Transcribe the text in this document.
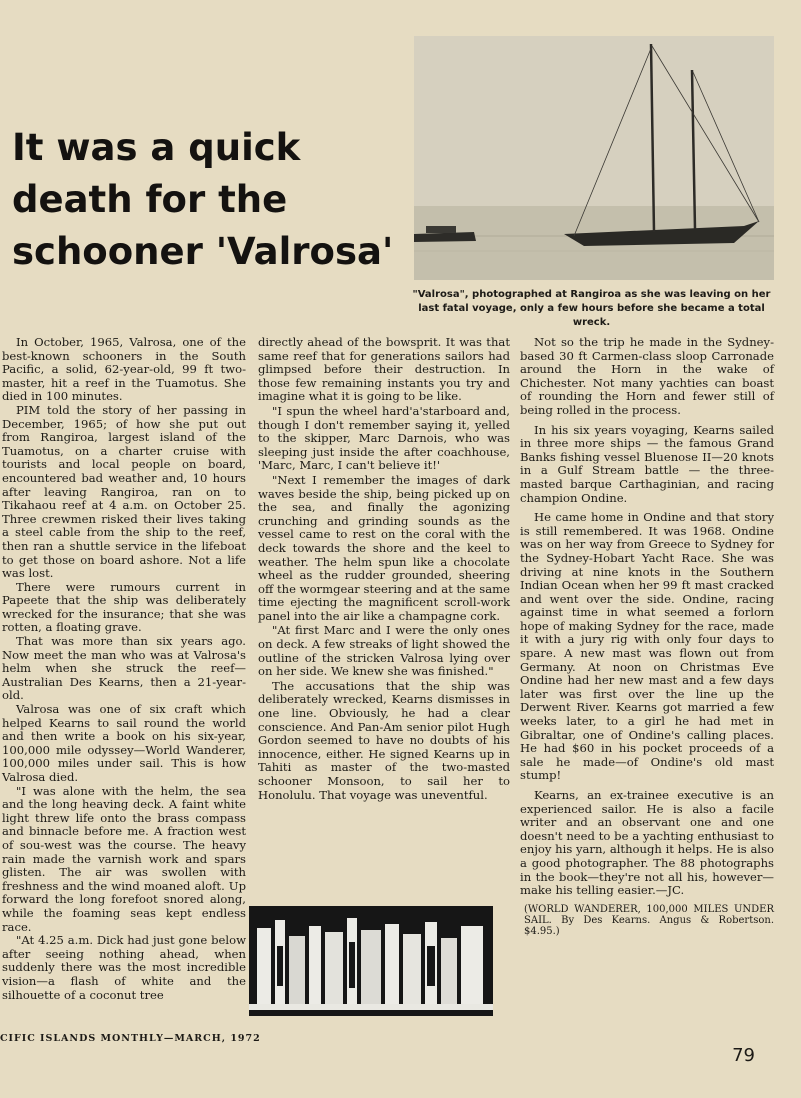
It was a quick
death for the
schooner 'Valrosa'
"Valrosa", photographed at Rangiroa as she was leaving on her last fatal voyage, only a few hours before she became a total wreck.

In October, 1965, Valrosa, one of the best-known schooners in the South Pacific, a solid, 62-year-old, 99 ft two-master, hit a reef in the Tuamotus. She died in 100 minutes.

PIM told the story of her passing in December, 1965; of how she put out from Rangiroa, largest island of the Tuamotus, on a charter cruise with tourists and local people on board, encountered bad weather and, 10 hours after leaving Rangiroa, ran on to Tikahaou reef at 4 a.m. on October 25. Three crewmen risked their lives taking a steel cable from the ship to the reef, then ran a shuttle service in the lifeboat to get those on board ashore. Not a life was lost.

There were rumours current in Papeete that the ship was deliberately wrecked for the insurance; that she was rotten, a floating grave.

That was more than six years ago. Now meet the man who was at Valrosa's helm when she struck the reef—Australian Des Kearns, then a 21-year-old.

Valrosa was one of six craft which helped Kearns to sail round the world and then write a book on his six-year, 100,000 mile odyssey—World Wanderer, 100,000 miles under sail. This is how Valrosa died.

"I was alone with the helm, the sea and the long heaving deck. A faint white light threw life onto the brass compass and binnacle before me. A fraction west of sou-west was the course. The heavy rain made the varnish work and spars glisten. The air was swollen with freshness and the wind moaned aloft. Up forward the long forefoot snored along, while the foaming seas kept endless race.

"At 4.25 a.m. Dick had just gone below after seeing nothing ahead, when suddenly there was the most incredible vision—a flash of white and the silhouette of a coconut tree

directly ahead of the bowsprit. It was that same reef that for generations sailors had glimpsed before their destruction. In those few remaining instants you try and imagine what it is going to be like.

"I spun the wheel hard'a'starboard and, though I don't remember saying it, yelled to the skipper, Marc Darnois, who was sleeping just inside the after coachhouse, 'Marc, Marc, I can't believe it!'

"Next I remember the images of dark waves beside the ship, being picked up on the sea, and finally the agonizing crunching and grinding sounds as the vessel came to rest on the coral with the deck towards the shore and the keel to weather. The helm spun like a chocolate wheel as the rudder grounded, sheering off the wormgear steering and at the same time ejecting the magnificent scroll-work panel into the air like a champagne cork.

"At first Marc and I were the only ones on deck. A few streaks of light showed the outline of the stricken Valrosa lying over on her side. We knew she was finished."

The accusations that the ship was deliberately wrecked, Kearns dismisses in one line. Obviously, he had a clear conscience. And Pan-Am senior pilot Hugh Gordon seemed to have no doubts of his innocence, either. He signed Kearns up in Tahiti as master of the two-masted schooner Monsoon, to sail her to Honolulu. That voyage was uneventful.

Not so the trip he made in the Sydney-based 30 ft Carmen-class sloop Carronade around the Horn in the wake of Chichester. Not many yachties can boast of rounding the Horn and fewer still of being rolled in the process.

In his six years voyaging, Kearns sailed in three more ships — the famous Grand Banks fishing vessel Bluenose II—20 knots in a Gulf Stream battle — the three-masted barque Carthaginian, and racing champion Ondine.

He came home in Ondine and that story is still remembered. It was 1968. Ondine was on her way from Greece to Sydney for the Sydney-Hobart Yacht Race. She was driving at nine knots in the Southern Indian Ocean when her 99 ft mast cracked and went over the side. Ondine, racing against time in what seemed a forlorn hope of making Sydney for the race, made it with a jury rig with only four days to spare. A new mast was flown out from Germany. At noon on Christmas Eve Ondine had her new mast and a few days later was first over the line up the Derwent River. Kearns got married a few weeks later, to a girl he had met in Gibraltar, one of Ondine's calling places. He had $60 in his pocket proceeds of a sale he made—of Ondine's old mast stump!

Kearns, an ex-trainee executive is an experienced sailor. He is also a facile writer and an observant one and one doesn't need to be a yachting enthusiast to enjoy his yarn, although it helps. He is also a good photographer. The 88 photographs in the book—they're not all his, however—make his telling easier.—JC.

(WORLD WANDERER, 100,000 MILES UNDER SAIL. By Des Kearns. Angus & Robertson. $4.95.)

CIFIC ISLANDS MONTHLY—MARCH, 1972
79
